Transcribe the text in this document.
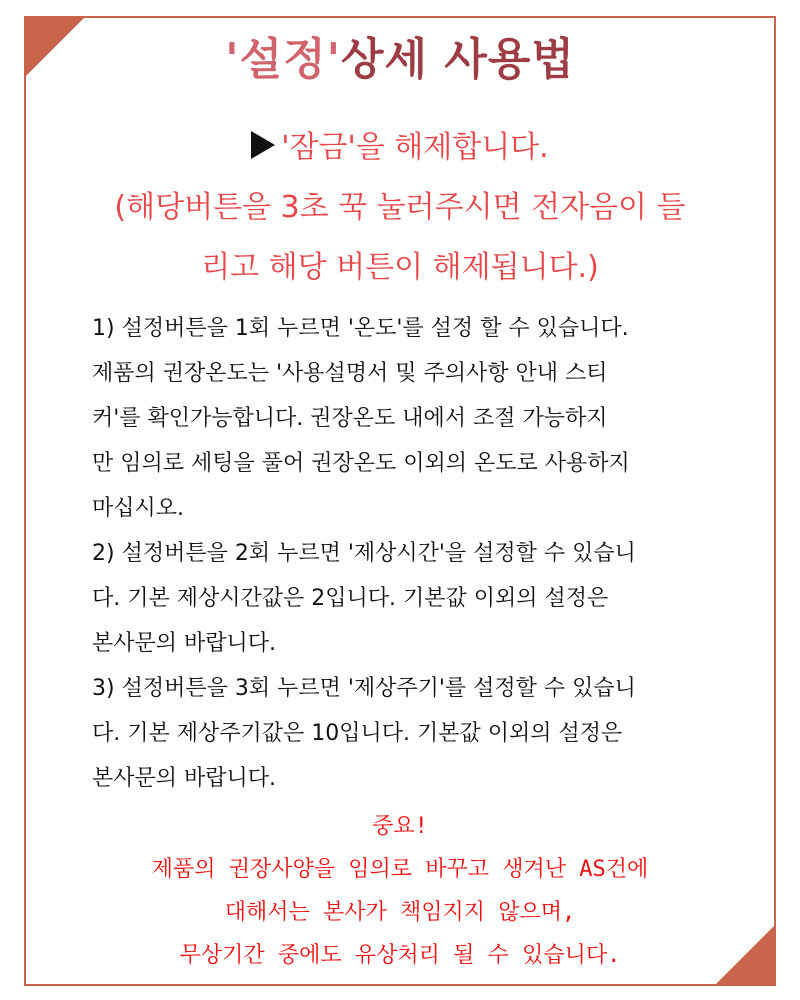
'설정'상세 사용법
'잠금'을 해제합니다.
(해당버튼을 3초 꾹 눌러주시면 전자음이 들
리고 해당 버튼이 해제됩니다.)
1) 설정버튼을 1회 누르면 '온도'를 설정 할 수 있습니다.
제품의 권장온도는 '사용설명서 및 주의사항 안내 스티
커'를 확인가능합니다. 권장온도 내에서 조절 가능하지
만 임의로 세팅을 풀어 권장온도 이외의 온도로 사용하지
마십시오.
2) 설정버튼을 2회 누르면 '제상시간'을 설정할 수 있습니
다. 기본 제상시간값은 2입니다. 기본값 이외의 설정은
본사문의 바랍니다.
3) 설정버튼을 3회 누르면 '제상주기'를 설정할 수 있습니
다. 기본 제상주기값은 10입니다. 기본값 이외의 설정은
본사문의 바랍니다.
중요!
제품의 권장사양을 임의로 바꾸고 생겨난 AS건에
대해서는 본사가 책임지지 않으며,
무상기간 중에도 유상처리 될 수 있습니다.
